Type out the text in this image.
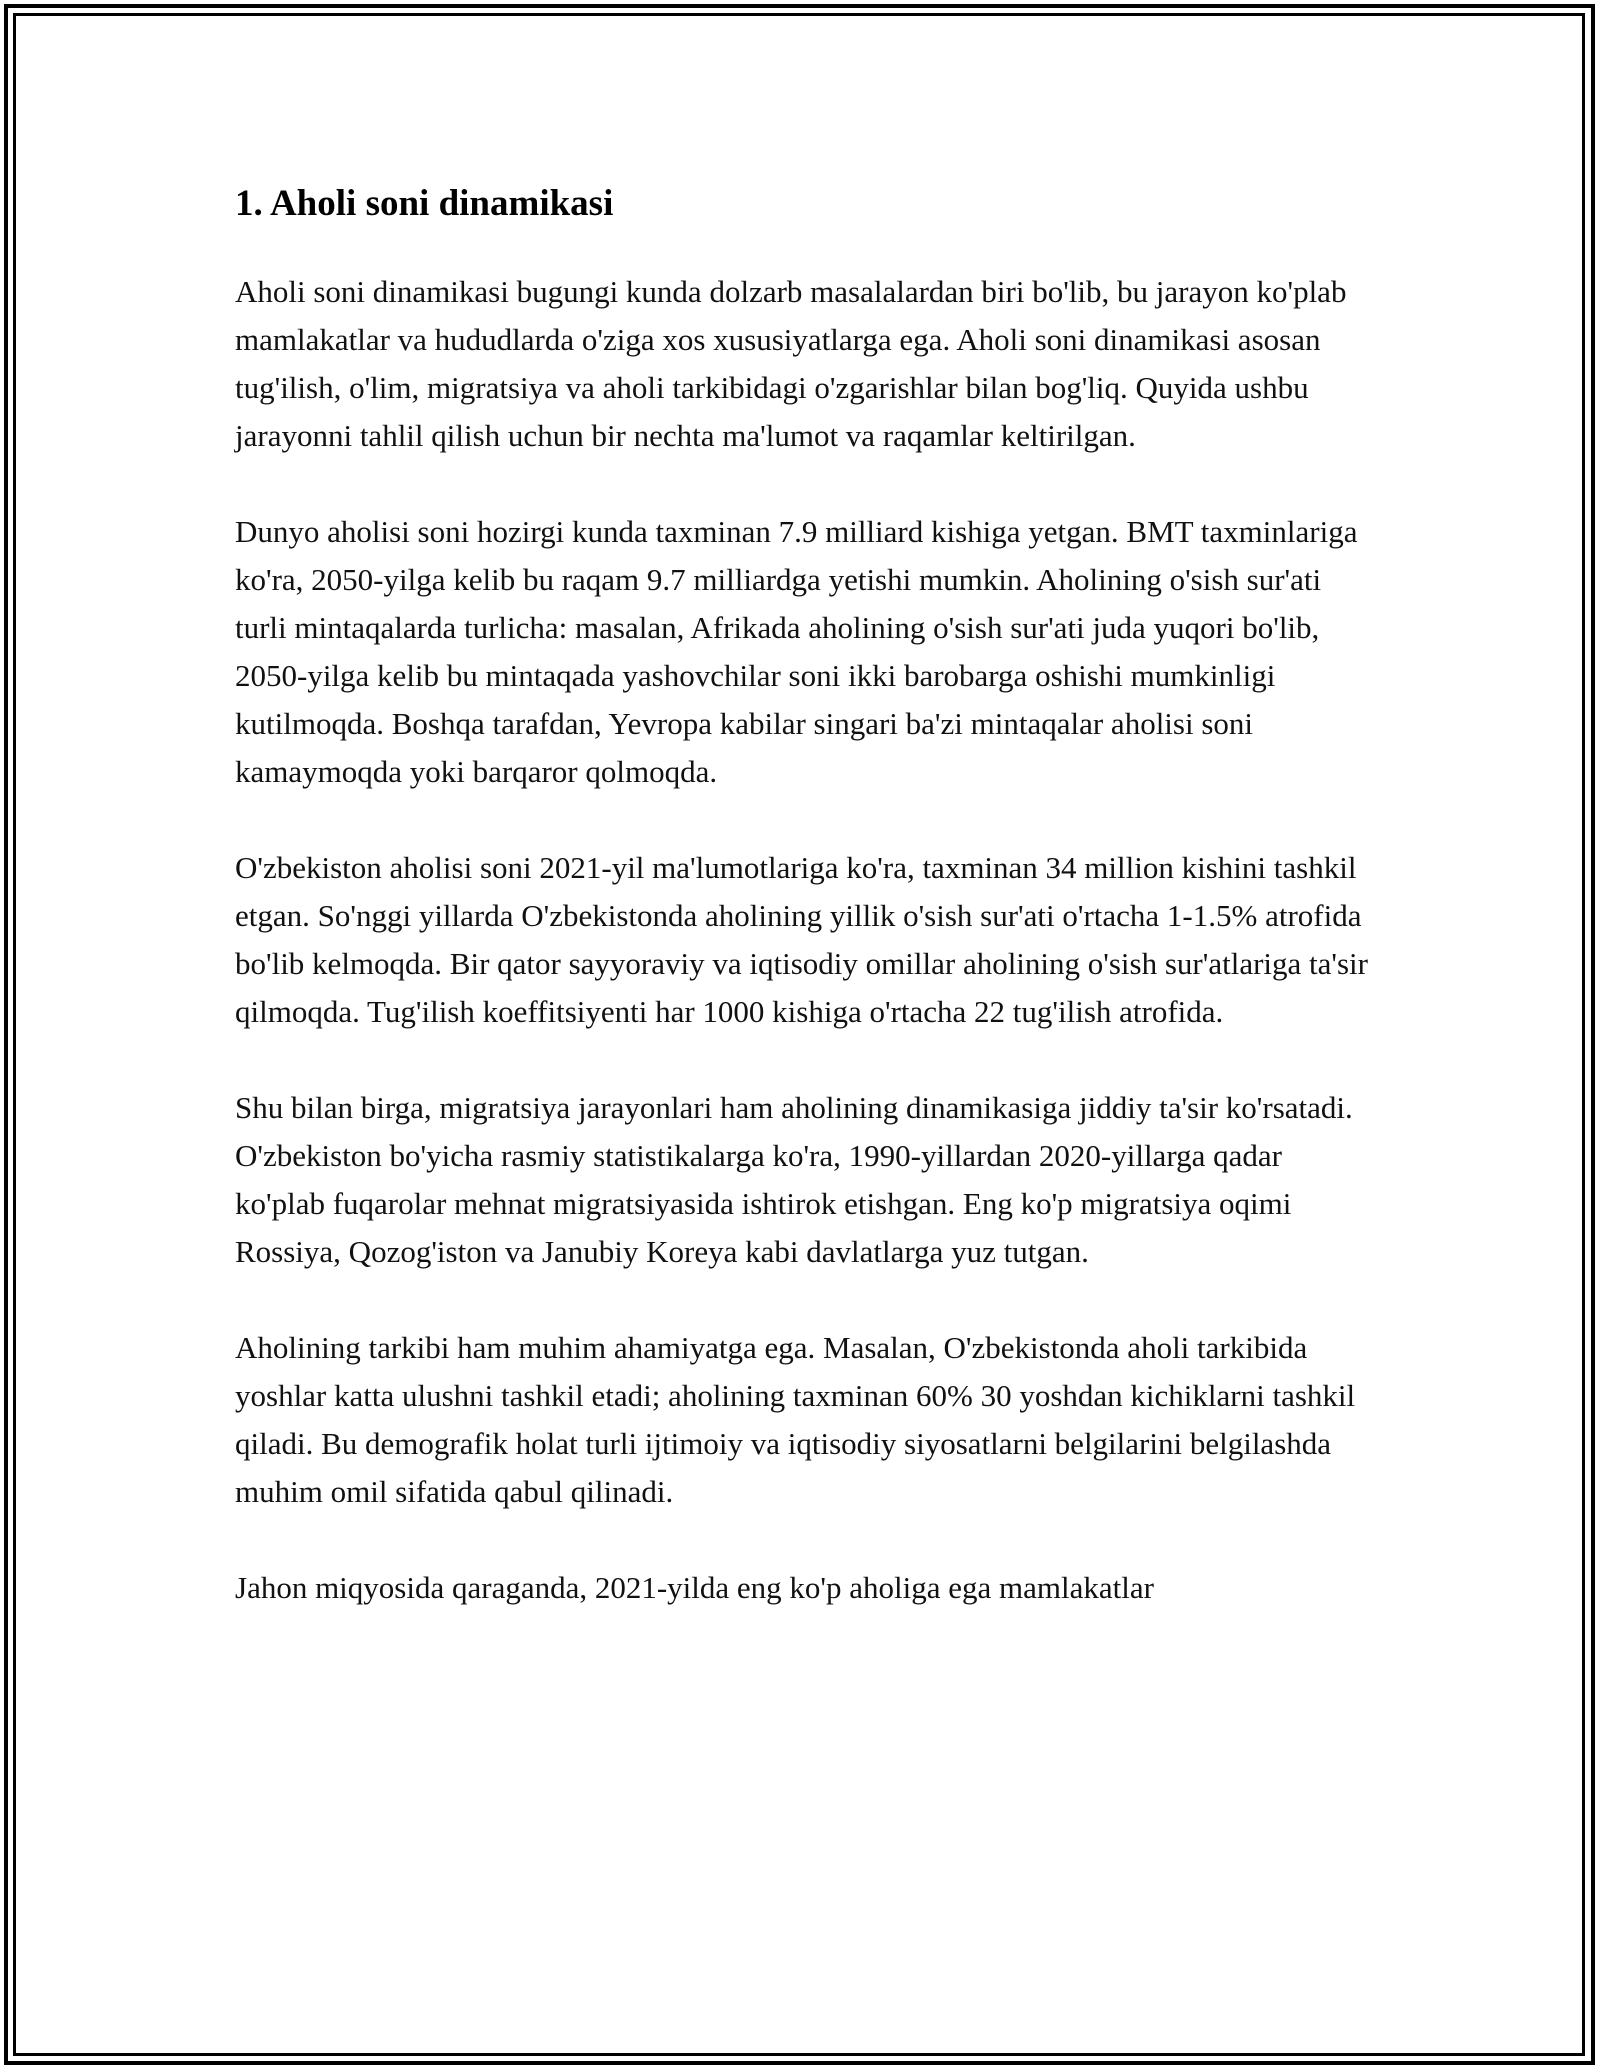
1. Aholi soni dinamikasi

Aholi soni dinamikasi bugungi kunda dolzarb masalalardan biri bo'lib, bu jarayon ko'plab mamlakatlar va hududlarda o'ziga xos xususiyatlarga ega. Aholi soni dinamikasi asosan tug'ilish, o'lim, migratsiya va aholi tarkibidagi o'zgarishlar bilan bog'liq. Quyida ushbu jarayonni tahlil qilish uchun bir nechta ma'lumot va raqamlar keltirilgan.

Dunyo aholisi soni hozirgi kunda taxminan 7.9 milliard kishiga yetgan. BMT taxminlariga ko'ra, 2050-yilga kelib bu raqam 9.7 milliardga yetishi mumkin. Aholining o'sish sur'ati turli mintaqalarda turlicha: masalan, Afrikada aholining o'sish sur'ati juda yuqori bo'lib, 2050-yilga kelib bu mintaqada yashovchilar soni ikki barobarga oshishi mumkinligi kutilmoqda. Boshqa tarafdan, Yevropa kabilar singari ba'zi mintaqalar aholisi soni kamaymoqda yoki barqaror qolmoqda.

O'zbekiston aholisi soni 2021-yil ma'lumotlariga ko'ra, taxminan 34 million kishini tashkil etgan. So'nggi yillarda O'zbekistonda aholining yillik o'sish sur'ati o'rtacha 1-1.5% atrofida bo'lib kelmoqda. Bir qator sayyoraviy va iqtisodiy omillar aholining o'sish sur'atlariga ta'sir qilmoqda. Tug'ilish koeffitsiyenti har 1000 kishiga o'rtacha 22 tug'ilish atrofida.

Shu bilan birga, migratsiya jarayonlari ham aholining dinamikasiga jiddiy ta'sir ko'rsatadi. O'zbekiston bo'yicha rasmiy statistikalarga ko'ra, 1990-yillardan 2020-yillarga qadar ko'plab fuqarolar mehnat migratsiyasida ishtirok etishgan. Eng ko'p migratsiya oqimi Rossiya, Qozog'iston va Janubiy Koreya kabi davlatlarga yuz tutgan.

Aholining tarkibi ham muhim ahamiyatga ega. Masalan, O'zbekistonda aholi tarkibida yoshlar katta ulushni tashkil etadi; aholining taxminan 60% 30 yoshdan kichiklarni tashkil qiladi. Bu demografik holat turli ijtimoiy va iqtisodiy siyosatlarni belgilarini belgilashda muhim omil sifatida qabul qilinadi.

Jahon miqyosida qaraganda, 2021-yilda eng ko'p aholiga ega mamlakatlar
